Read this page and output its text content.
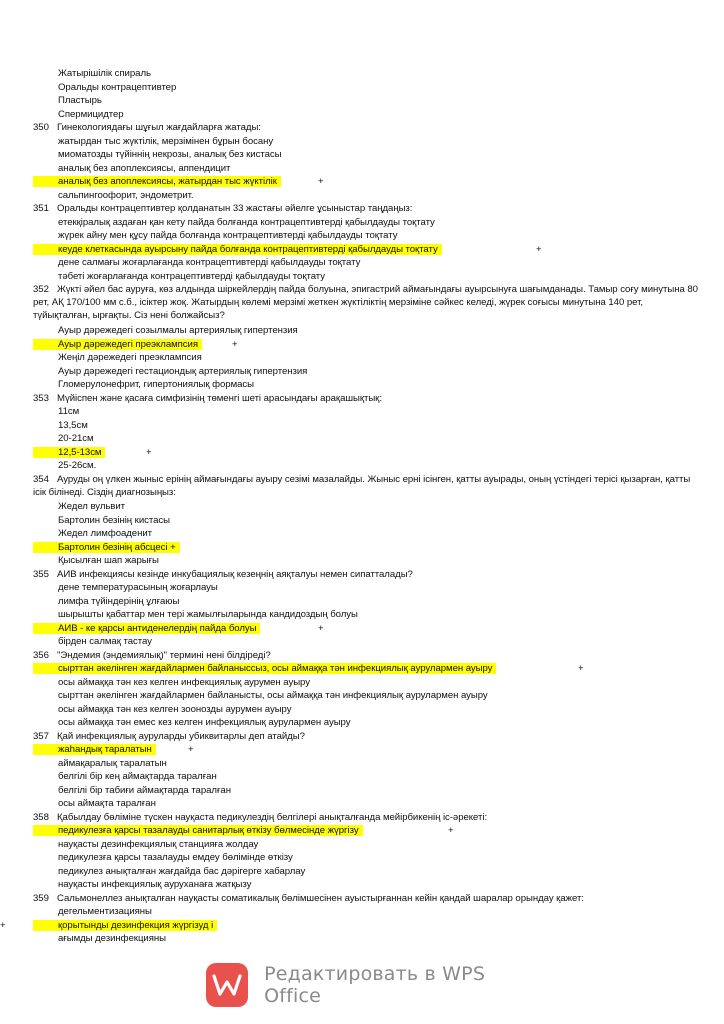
Жатырішілік спираль
Оральды контрацептивтер
Пластырь
Спермицидтер
350 Гинекологиядағы шұғыл жағдайларға жатады:
жатырдан тыс жүктілік, мерзімінен бұрын босану
миоматозды түйіннің некрозы, аналық без кистасы
аналық без апоплексиясы, аппендицит
аналық без апоплексиясы, жатырдан тыс жүктілік	+
сальпингоофорит, эндометрит.
351 Оральды контрацептивтер қолданатын 33 жастағы әйелге ұсыныстар таңдаңыз:
етекқіралық аздаған қан кету пайда болғанда контрацептивтерді қабылдауды тоқтату
жүрек айну мен құсу пайда болғанда контрацептивтерді қабылдауды тоқтату
кеуде клеткасында ауырсыну пайда болғанда контрацептивтерді қабылдауды тоқтату	+
дене салмағы жоғарлағанда контрацептивтерді қабылдауды тоқтату
тәбеті жоғарлағанда контрацептивтерді қабылдауды тоқтату
352 Жүкті әйел бас ауруға, көз алдында шіркейлердің пайда болуына, эпигастрий аймағындағы ауырсынуға шағымданады. Тамыр соғу минутына 80 рет, АҚ 170/100 мм с.б., ісіктер жоқ. Жатырдың көлемі мерзімі жеткен жүктіліктің мерзіміне сәйкес келеді, жүрек соғысы минутына 140 рет, түйықталған, ырғақты. Сіз нені болжайсыз?
Ауыр дәрежедегі созылмалы артериялық гипертензия
Ауыр дәрежедегі преэклампсия	+
Жеңіл дәрежедегі преэклампсия
Ауыр дәрежедегі гестациондық артериялық гипертензия
Гломерулонефрит, гипертониялық формасы
353 Мүйіспен және қасаға симфизінің төменгі шеті арасындағы арақашықтық:
11см
13,5см
20-21см
12,5-13см	+
25-26см.
354 Ауруды оң үлкен жыныс ерінің аймағындағы ауыру сезімі мазалайды. Жыныс ерні ісінген, қатты ауырады, оның үстіндегі терісі қызарған, қатты ісік білінеді. Сіздің диагнозыңыз:
Жедел вульвит
Бартолин безінің кистасы
Жедел лимфоаденит
Бартолин безінің абсцесі +
Қысылған шап жарығы
355 АИВ инфекциясы кезінде инкубациялық кезеңнің аяқталуы немен сипатталады?
дене температурасының жоғарлауы
лимфа түйіндерінің ұлғаюы
шырышты қабаттар мен тері жамылғыларында кандидоздың болуы
АИВ - ке қарсы антиденелердің пайда болуы	+
бірден салмақ тастау
356 "Эндемия (эндемиялық)" термині нені білдіреді?
сырттан әкелінген жағдайлармен байланыссыз, осы аймаққа тән инфекциялық аурулармен ауыру	+
осы аймаққа тән кез келген инфекциялық аурумен ауыру
сырттан әкелінген жағдайлармен байланысты, осы аймаққа тән инфекциялық аурулармен ауыру
осы аймаққа тән кез келген зоонозды аурумен ауыру
осы аймаққа тән емес кез келген инфекциялық аурулармен ауыру
357 Қай инфекциялық ауруларды убиквитарлы деп атайды?
жаһандық таралатын	+
аймақаралық таралатын
белгілі бір кең аймақтарда таралған
белгілі бір табиғи аймақтарда таралған
осы аймақта таралған
358 Қабылдау бөліміне түскен науқаста педикулездің белгілері анықталғанда мейірбикенің іс-әрекеті:
педикулезға қарсы тазалауды санитарлық өткізу бөлмесінде жүргізу	+
науқасты дезинфекциялық станцияға жолдау
педикулезға қарсы тазалауды емдеу бөлімінде өткізу
педикулез анықталған жағдайда бас дәрігерге хабарлау
науқасты инфекциялық ауруханаға жатқызу
359 Сальмонеллез анықталған науқасты соматикалық бөлімшесінен ауыстырғаннан кейін қандай шаралар орындау қажет:
дегельментизацияны
қорытынды дезинфекция жүргізуд і
+
ағымды дезинфекцияны
Редактировать в WPS Office
